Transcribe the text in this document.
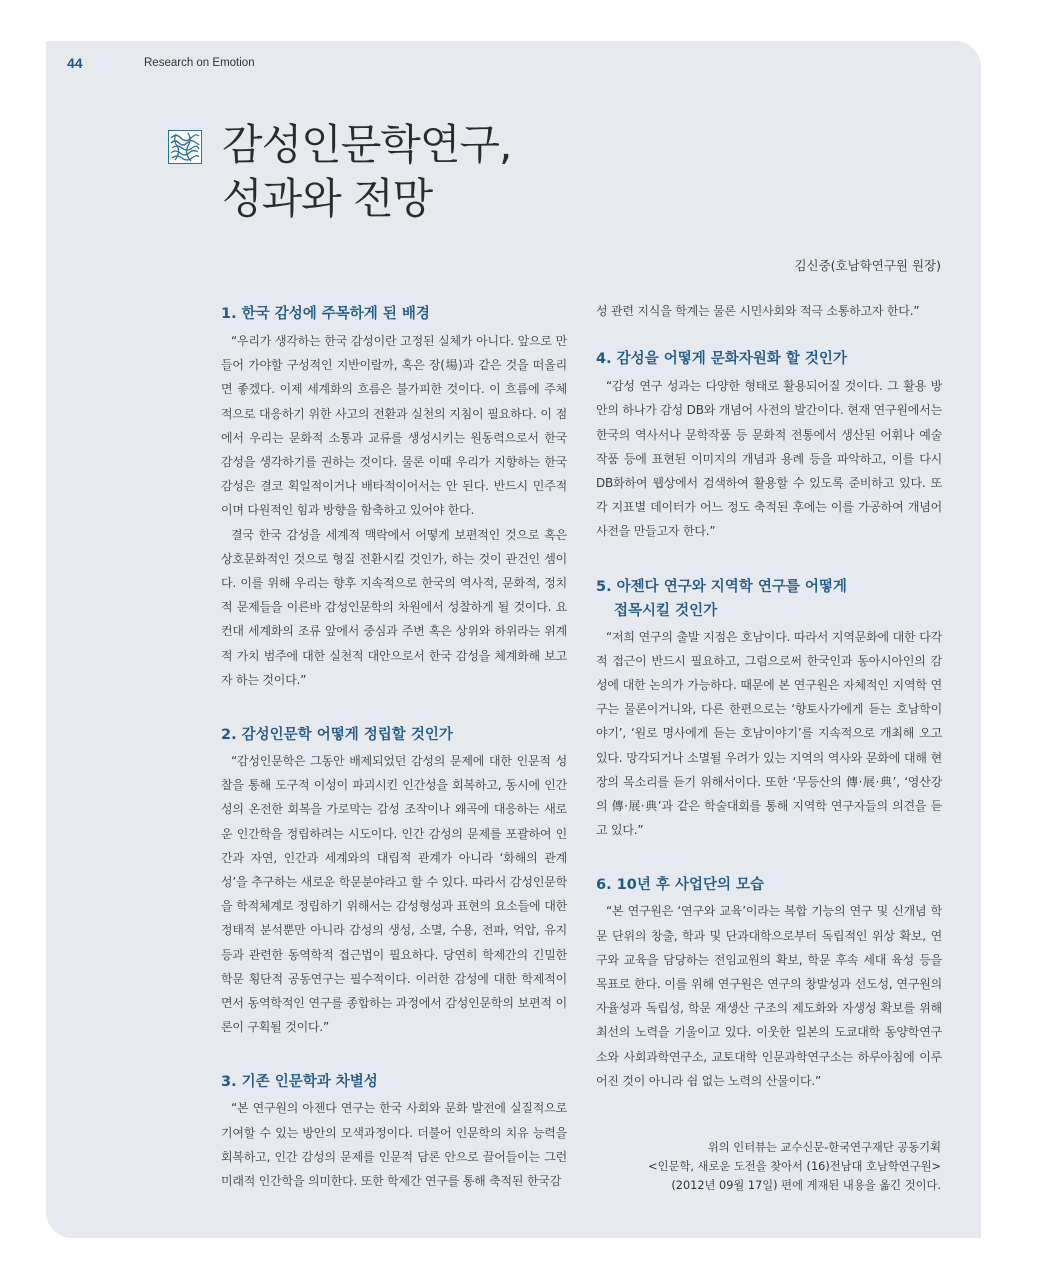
44	Research on Emotion
감성인문학연구,
성과와 전망
김신중(호남학연구원 원장)
1. 한국 감성에 주목하게 된 배경

“우리가 생각하는 한국 감성이란 고정된 실체가 아니다. 앞으로 만들어 가야할 구성적인 지반이랄까, 혹은 장(場)과 같은 것을 떠올리면 좋겠다. 이제 세계화의 흐름은 불가피한 것이다. 이 흐름에 주체적으로 대응하기 위한 사고의 전환과 실천의 지침이 필요하다. 이 점에서 우리는 문화적 소통과 교류를 생성시키는 원동력으로서 한국 감성을 생각하기를 권하는 것이다. 물론 이때 우리가 지향하는 한국 감성은 결코 획일적이거나 배타적이어서는 안 된다. 반드시 민주적이며 다원적인 힘과 방향을 함축하고 있어야 한다.

결국 한국 감성을 세계적 맥락에서 어떻게 보편적인 것으로 혹은 상호문화적인 것으로 형질 전환시킬 것인가, 하는 것이 관건인 셈이다. 이를 위해 우리는 향후 지속적으로 한국의 역사적, 문화적, 정치적 문제들을 이른바 감성인문학의 차원에서 성찰하게 될 것이다. 요컨대 세계화의 조류 앞에서 중심과 주변 혹은 상위와 하위라는 위계적 가치 범주에 대한 실천적 대안으로서 한국 감성을 체계화해 보고자 하는 것이다.”

2. 감성인문학 어떻게 정립할 것인가

“감성인문학은 그동안 배제되었던 감성의 문제에 대한 인문적 성찰을 통해 도구적 이성이 파괴시킨 인간성을 회복하고, 동시에 인간성의 온전한 회복을 가로막는 감성 조작이나 왜곡에 대응하는 새로운 인간학을 정립하려는 시도이다. 인간 감성의 문제를 포괄하여 인간과 자연, 인간과 세계와의 대립적 관계가 아니라 ‘화해의 관계성’을 추구하는 새로운 학문분야라고 할 수 있다. 따라서 감성인문학을 학적체계로 정립하기 위해서는 감성형성과 표현의 요소들에 대한 정태적 분석뿐만 아니라 감성의 생성, 소멸, 수용, 전파, 억압, 유지 등과 관련한 동역학적 접근법이 필요하다. 당연히 학제간의 긴밀한 학문 횡단적 공동연구는 필수적이다. 이러한 감성에 대한 학제적이면서 동역학적인 연구를 종합하는 과정에서 감성인문학의 보편적 이론이 구획될 것이다.”

3. 기존 인문학과 차별성

“본 연구원의 아젠다 연구는 한국 사회와 문화 발전에 실질적으로 기여할 수 있는 방안의 모색과정이다. 더불어 인문학의 치유 능력을 회복하고, 인간 감성의 문제를 인문적 담론 안으로 끌어들이는 그런 미래적 인간학을 의미한다. 또한 학제간 연구를 통해 축적된 한국감

성 관련 지식을 학계는 물론 시민사회와 적극 소통하고자 한다.”

4. 감성을 어떻게 문화자원화 할 것인가

“감성 연구 성과는 다양한 형태로 활용되어질 것이다. 그 활용 방안의 하나가 감성 DB와 개념어 사전의 발간이다. 현재 연구원에서는 한국의 역사서나 문학작품 등 문화적 전통에서 생산된 어휘나 예술작품 등에 표현된 이미지의 개념과 용례 등을 파악하고, 이를 다시 DB화하여 웹상에서 검색하여 활용할 수 있도록 준비하고 있다. 또 각 지표별 데이터가 어느 정도 축적된 후에는 이를 가공하여 개념어 사전을 만들고자 한다.”

5. 아젠다 연구와 지역학 연구를 어떻게
접목시킬 것인가

“저희 연구의 출발 지점은 호남이다. 따라서 지역문화에 대한 다각적 접근이 반드시 필요하고, 그럼으로써 한국인과 동아시아인의 감성에 대한 논의가 가능하다. 때문에 본 연구원은 자체적인 지역학 연구는 물론이거니와, 다른 한편으로는 ‘향토사가에게 듣는 호남학이야기’, ‘원로 명사에게 듣는 호남이야기’를 지속적으로 개최해 오고 있다. 망각되거나 소멸될 우려가 있는 지역의 역사와 문화에 대해 현장의 목소리를 듣기 위해서이다. 또한 ‘무등산의 傳·展·典’, ‘영산강의 傳·展·典’과 같은 학술대회를 통해 지역학 연구자들의 의견을 듣고 있다.”

6. 10년 후 사업단의 모습

“본 연구원은 ‘연구와 교육’이라는 복합 기능의 연구 및 신개념 학문 단위의 창출, 학과 및 단과대학으로부터 독립적인 위상 확보, 연구와 교육을 담당하는 전임교원의 확보, 학문 후속 세대 육성 등을 목표로 한다. 이를 위해 연구원은 연구의 창발성과 선도성, 연구원의 자율성과 독립성, 학문 재생산 구조의 제도화와 자생성 확보를 위해 최선의 노력을 기울이고 있다. 이웃한 일본의 도쿄대학 동양학연구소와 사회과학연구소, 교토대학 인문과학연구소는 하루아침에 이루어진 것이 아니라 쉼 없는 노력의 산물이다.”

위의 인터뷰는 교수신문-한국연구재단 공동기획
<인문학, 새로운 도전을 찾아서 (16)전남대 호남학연구원>
(2012년 09월 17일) 편에 게재된 내용을 옮긴 것이다.
